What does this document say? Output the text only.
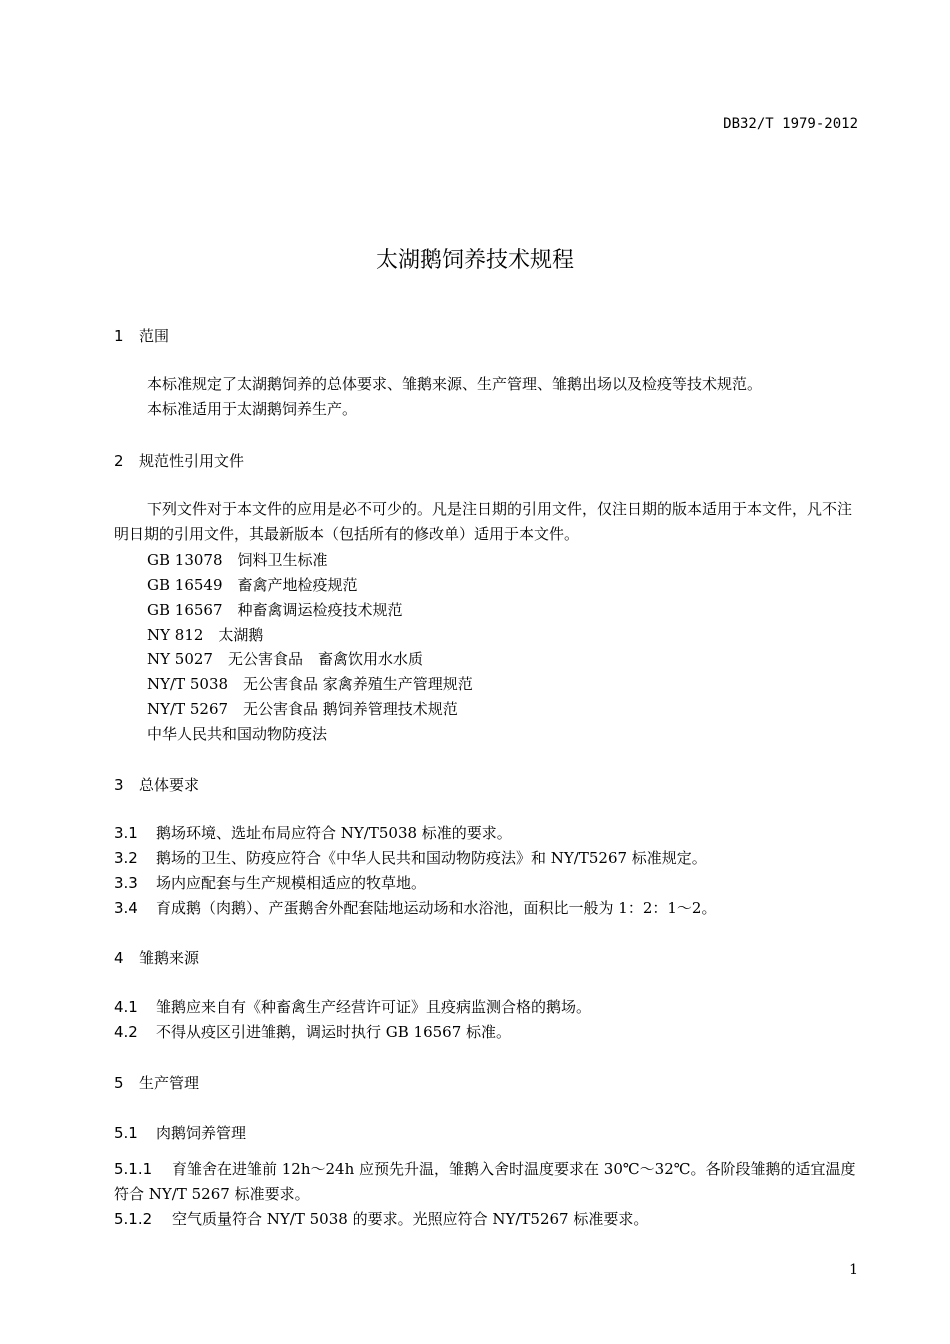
DB32/T 1979-2012
太湖鹅饲养技术规程
1 范围
本标准规定了太湖鹅饲养的总体要求、雏鹅来源、生产管理、雏鹅出场以及检疫等技术规范。
本标准适用于太湖鹅饲养生产。
2 规范性引用文件
下列文件对于本文件的应用是必不可少的。凡是注日期的引用文件，仅注日期的版本适用于本文件，凡不注明日期的引用文件，其最新版本（包括所有的修改单）适用于本文件。
GB 13078　饲料卫生标准
GB 16549　畜禽产地检疫规范
GB 16567　种畜禽调运检疫技术规范
NY 812　太湖鹅
NY 5027　无公害食品　畜禽饮用水水质
NY/T 5038　无公害食品 家禽养殖生产管理规范
NY/T 5267　无公害食品 鹅饲养管理技术规范
中华人民共和国动物防疫法
3 总体要求
3.1 鹅场环境、选址布局应符合 NY/T5038 标准的要求。
3.2 鹅场的卫生、防疫应符合《中华人民共和国动物防疫法》和 NY/T5267 标准规定。
3.3 场内应配套与生产规模相适应的牧草地。
3.4 育成鹅（肉鹅）、产蛋鹅舍外配套陆地运动场和水浴池，面积比一般为 1：2：1～2。
4 雏鹅来源
4.1 雏鹅应来自有《种畜禽生产经营许可证》且疫病监测合格的鹅场。
4.2 不得从疫区引进雏鹅，调运时执行 GB 16567 标准。
5 生产管理
5.1 肉鹅饲养管理
5.1.1 育雏舍在进雏前 12h～24h 应预先升温，雏鹅入舍时温度要求在 30℃～32℃。各阶段雏鹅的适宜温度符合 NY/T 5267 标准要求。
5.1.2 空气质量符合 NY/T 5038 的要求。光照应符合 NY/T5267 标准要求。
1
